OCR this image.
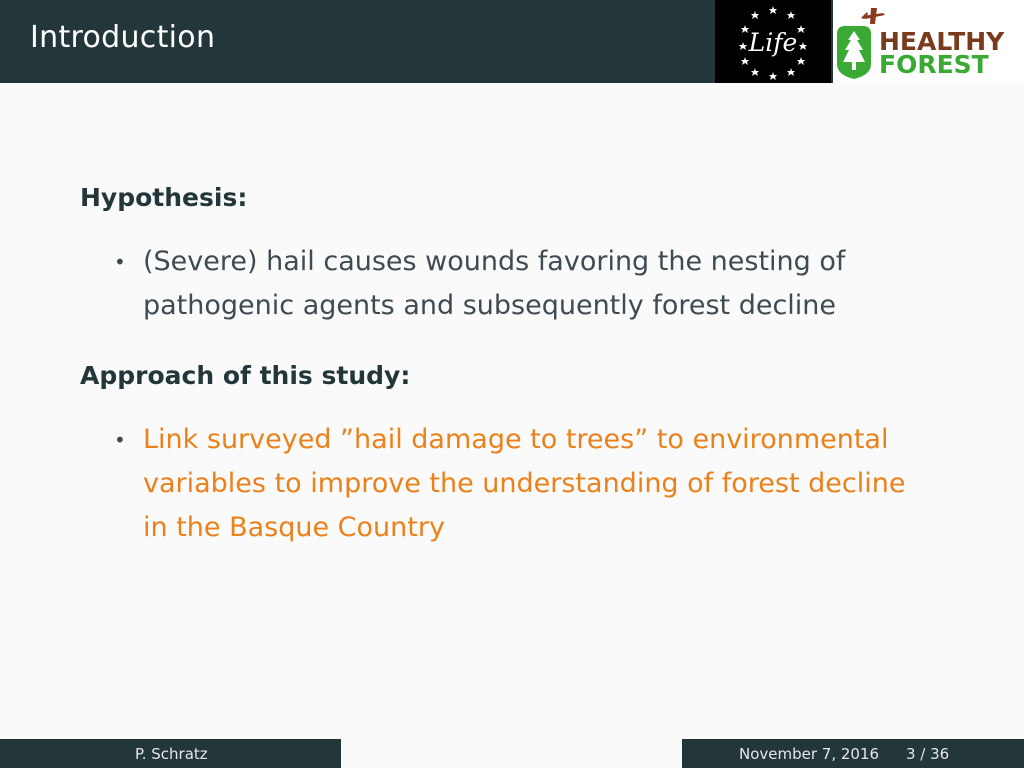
Introduction	Life	HEALTHY
FOREST
Hypothesis:
• (Severe) hail causes wounds favoring the nesting of
pathogenic agents and subsequently forest decline
Approach of this study:
• Link surveyed ”hail damage to trees” to environmental
variables to improve the understanding of forest decline
in the Basque Country
P. Schratz	November 7, 2016 3 / 36
